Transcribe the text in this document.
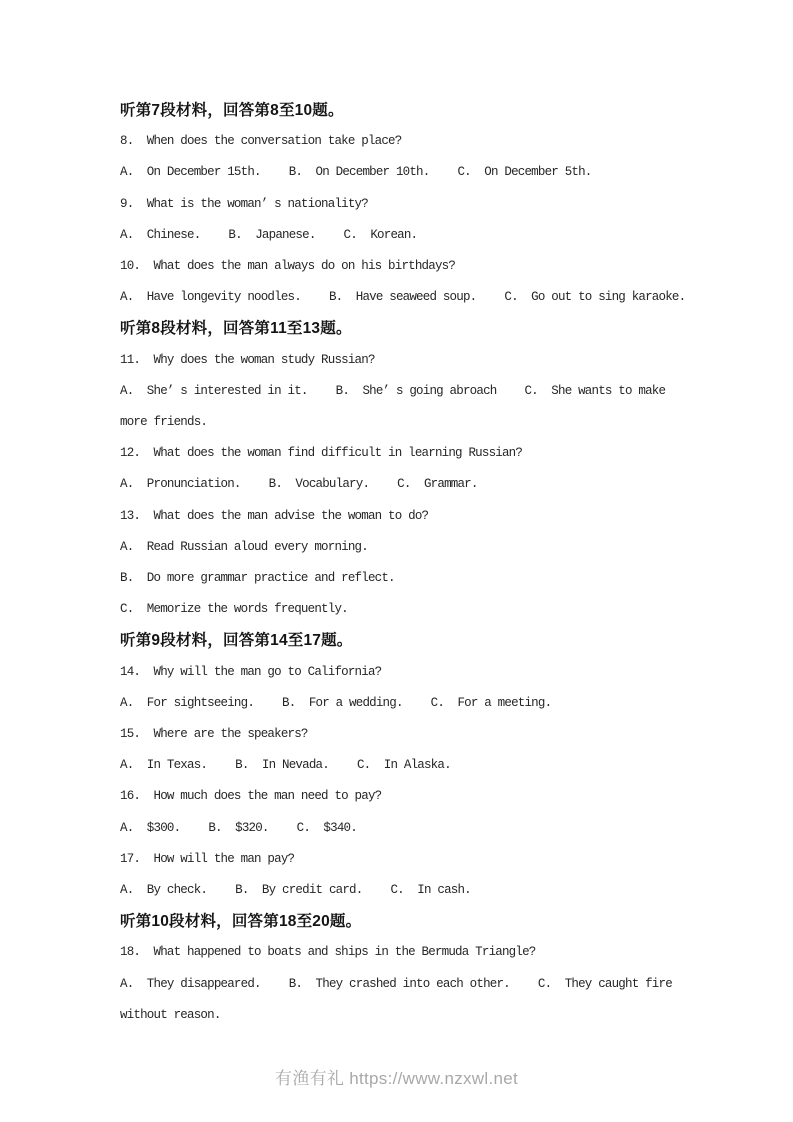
听第7段材料，回答第8至10题。

8.  When does the conversation take place?

A.  On December 15th. B.  On December 10th. C.  On December 5th.

9.  What is the woman’ s nationality?

A.  Chinese. B.  Japanese. C.  Korean.

10.  What does the man always do on his birthdays?

A.  Have longevity noodles. B.  Have seaweed soup. C.  Go out to sing karaoke.

听第8段材料，回答第11至13题。

11.  Why does the woman study Russian?

A.  She’ s interested in it. B.  She’ s going abroach C.  She wants to make more friends.

12.  What does the woman find difficult in learning Russian?

A.  Pronunciation. B.  Vocabulary. C.  Grammar.

13.  What does the man advise the woman to do?

A.  Read Russian aloud every morning.

B.  Do more grammar practice and reflect.

C.  Memorize the words frequently.

听第9段材料，回答第14至17题。

14.  Why will the man go to California?

A.  For sightseeing. B.  For a wedding. C.  For a meeting.

15.  Where are the speakers?

A.  In Texas. B.  In Nevada. C.  In Alaska.

16.  How much does the man need to pay?

A.  $300. B.  $320. C.  $340.

17.  How will the man pay?

A.  By check. B.  By credit card. C.  In cash.

听第10段材料，回答第18至20题。

18.  What happened to boats and ships in the Bermuda Triangle?

A.  They disappeared. B.  They crashed into each other. C.  They caught fire without reason.

有渔有礼 https://www.nzxwl.net
